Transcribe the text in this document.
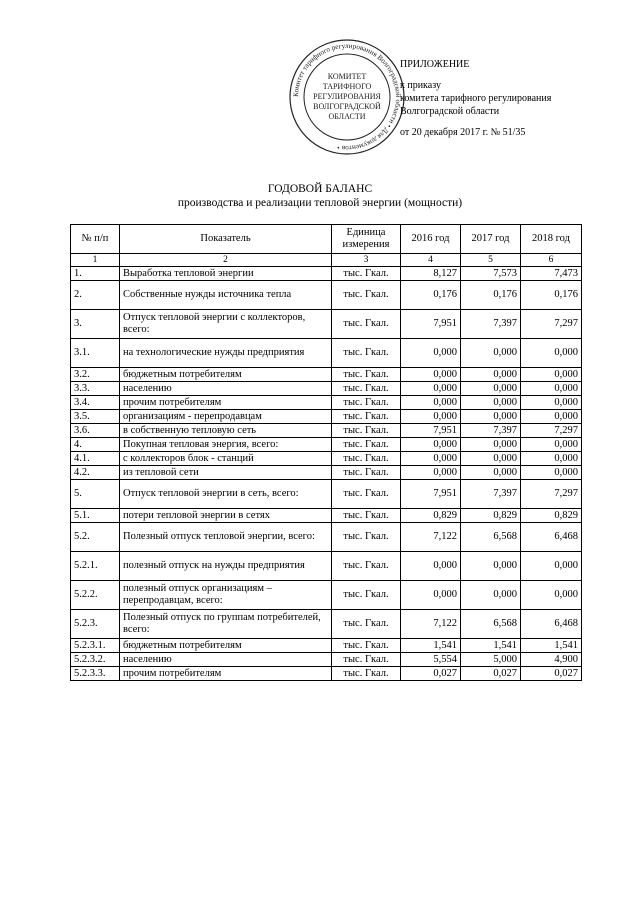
Комитет тарифного регулирования Волгоградской области • Для документов •
КОМИТЕТ
ТАРИФНОГО
РЕГУЛИРОВАНИЯ
ВОЛГОГРАДСКОЙ
ОБЛАСТИ
ПРИЛОЖЕНИЕ
к приказу
комитета тарифного регулирования
Волгоградской области
от 20 декабря 2017 г. № 51/35
ГОДОВОЙ БАЛАНС
производства и реализации тепловой энергии (мощности)
№ п/п	Показатель	Единица измерения	2016 год	2017 год	2018 год
1	2	3	4	5	6
1.	Выработка тепловой энергии	тыс. Гкал.	8,127	7,573	7,473
2.	Собственные нужды источника тепла	тыс. Гкал.	0,176	0,176	0,176
3.	Отпуск тепловой энергии с коллекторов, всего:	тыс. Гкал.	7,951	7,397	7,297
3.1.	на технологические нужды предприятия	тыс. Гкал.	0,000	0,000	0,000
3.2.	бюджетным потребителям	тыс. Гкал.	0,000	0,000	0,000
3.3.	населению	тыс. Гкал.	0,000	0,000	0,000
3.4.	прочим потребителям	тыс. Гкал.	0,000	0,000	0,000
3.5.	организациям - перепродавцам	тыс. Гкал.	0,000	0,000	0,000
3.6.	в собственную тепловую сеть	тыс. Гкал.	7,951	7,397	7,297
4.	Покупная тепловая энергия, всего:	тыс. Гкал.	0,000	0,000	0,000
4.1.	с коллекторов блок - станций	тыс. Гкал.	0,000	0,000	0,000
4.2.	из тепловой сети	тыс. Гкал.	0,000	0,000	0,000
5.	Отпуск тепловой энергии в сеть, всего:	тыс. Гкал.	7,951	7,397	7,297
5.1.	потери тепловой энергии в сетях	тыс. Гкал.	0,829	0,829	0,829
5.2.	Полезный отпуск тепловой энергии, всего:	тыс. Гкал.	7,122	6,568	6,468
5.2.1.	полезный отпуск на нужды предприятия	тыс. Гкал.	0,000	0,000	0,000
5.2.2.	полезный отпуск организациям – перепродавцам, всего:	тыс. Гкал.	0,000	0,000	0,000
5.2.3.	Полезный отпуск по группам потребителей, всего:	тыс. Гкал.	7,122	6,568	6,468
5.2.3.1.	бюджетным потребителям	тыс. Гкал.	1,541	1,541	1,541
5.2.3.2.	населению	тыс. Гкал.	5,554	5,000	4,900
5.2.3.3.	прочим потребителям	тыс. Гкал.	0,027	0,027	0,027
